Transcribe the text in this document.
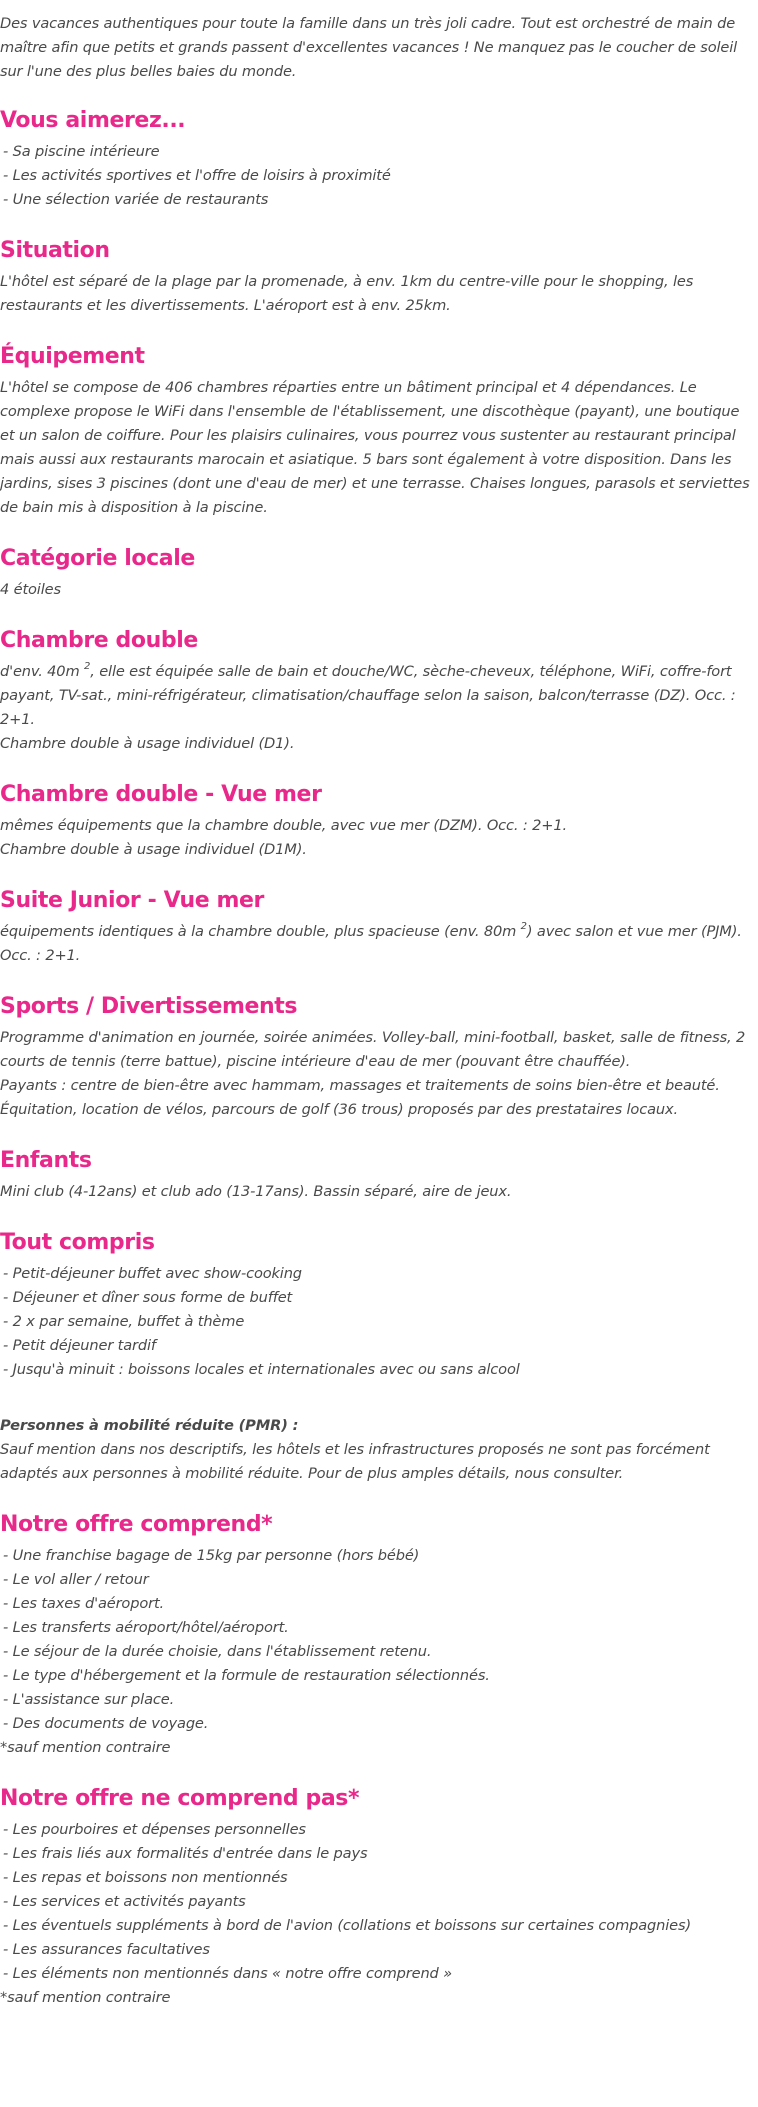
Des vacances authentiques pour toute la famille dans un très joli cadre. Tout est orchestré de main de maître afin que petits et grands passent d'excellentes vacances ! Ne manquez pas le coucher de soleil sur l'une des plus belles baies du monde.

Vous aimerez...
- Sa piscine intérieure
- Les activités sportives et l'offre de loisirs à proximité
- Une sélection variée de restaurants
Situation

L'hôtel est séparé de la plage par la promenade, à env. 1km du centre-ville pour le shopping, les restaurants et les divertissements. L'aéroport est à env. 25km.

Équipement

L'hôtel se compose de 406 chambres réparties entre un bâtiment principal et 4 dépendances. Le complexe propose le WiFi dans l'ensemble de l'établissement, une discothèque (payant), une boutique et un salon de coiffure. Pour les plaisirs culinaires, vous pourrez vous sustenter au restaurant principal mais aussi aux restaurants marocain et asiatique. 5 bars sont également à votre disposition. Dans les jardins, sises 3 piscines (dont une d'eau de mer) et une terrasse. Chaises longues, parasols et serviettes de bain mis à disposition à la piscine.

Catégorie locale

4 étoiles

Chambre double

d'env. 40m $^2$, elle est équipée salle de bain et douche/WC, sèche-cheveux, téléphone, WiFi, coffre-fort payant, TV-sat., mini-réfrigérateur, climatisation/chauffage selon la saison, balcon/terrasse (DZ). Occ. : 2+1.

Chambre double à usage individuel (D1).

Chambre double - Vue mer

mêmes équipements que la chambre double, avec vue mer (DZM). Occ. : 2+1.

Chambre double à usage individuel (D1M).

Suite Junior - Vue mer

équipements identiques à la chambre double, plus spacieuse (env. 80m $^2$) avec salon et vue mer (PJM).

Occ. : 2+1.

Sports / Divertissements

Programme d'animation en journée, soirée animées. Volley-ball, mini-football, basket, salle de fitness, 2 courts de tennis (terre battue), piscine intérieure d'eau de mer (pouvant être chauffée).

Payants : centre de bien-être avec hammam, massages et traitements de soins bien-être et beauté. Équitation, location de vélos, parcours de golf (36 trous) proposés par des prestataires locaux.

Enfants

Mini club (4-12ans) et club ado (13-17ans). Bassin séparé, aire de jeux.

Tout compris
- Petit-déjeuner buffet avec show-cooking
- Déjeuner et dîner sous forme de buffet
- 2 x par semaine, buffet à thème
- Petit déjeuner tardif
- Jusqu'à minuit : boissons locales et internationales avec ou sans alcool
Personnes à mobilité réduite (PMR) :

Sauf mention dans nos descriptifs, les hôtels et les infrastructures proposés ne sont pas forcément adaptés aux personnes à mobilité réduite. Pour de plus amples détails, nous consulter.

Notre offre comprend*
- Une franchise bagage de 15kg par personne (hors bébé)
- Le vol aller / retour
- Les taxes d'aéroport.
- Les transferts aéroport/hôtel/aéroport.
- Le séjour de la durée choisie, dans l'établissement retenu.
- Le type d'hébergement et la formule de restauration sélectionnés.
- L'assistance sur place.
- Des documents de voyage.
*sauf mention contraire
Notre offre ne comprend pas*
- Les pourboires et dépenses personnelles
- Les frais liés aux formalités d'entrée dans le pays
- Les repas et boissons non mentionnés
- Les services et activités payants
- Les éventuels suppléments à bord de l'avion (collations et boissons sur certaines compagnies)
- Les assurances facultatives
- Les éléments non mentionnés dans « notre offre comprend »
*sauf mention contraire
